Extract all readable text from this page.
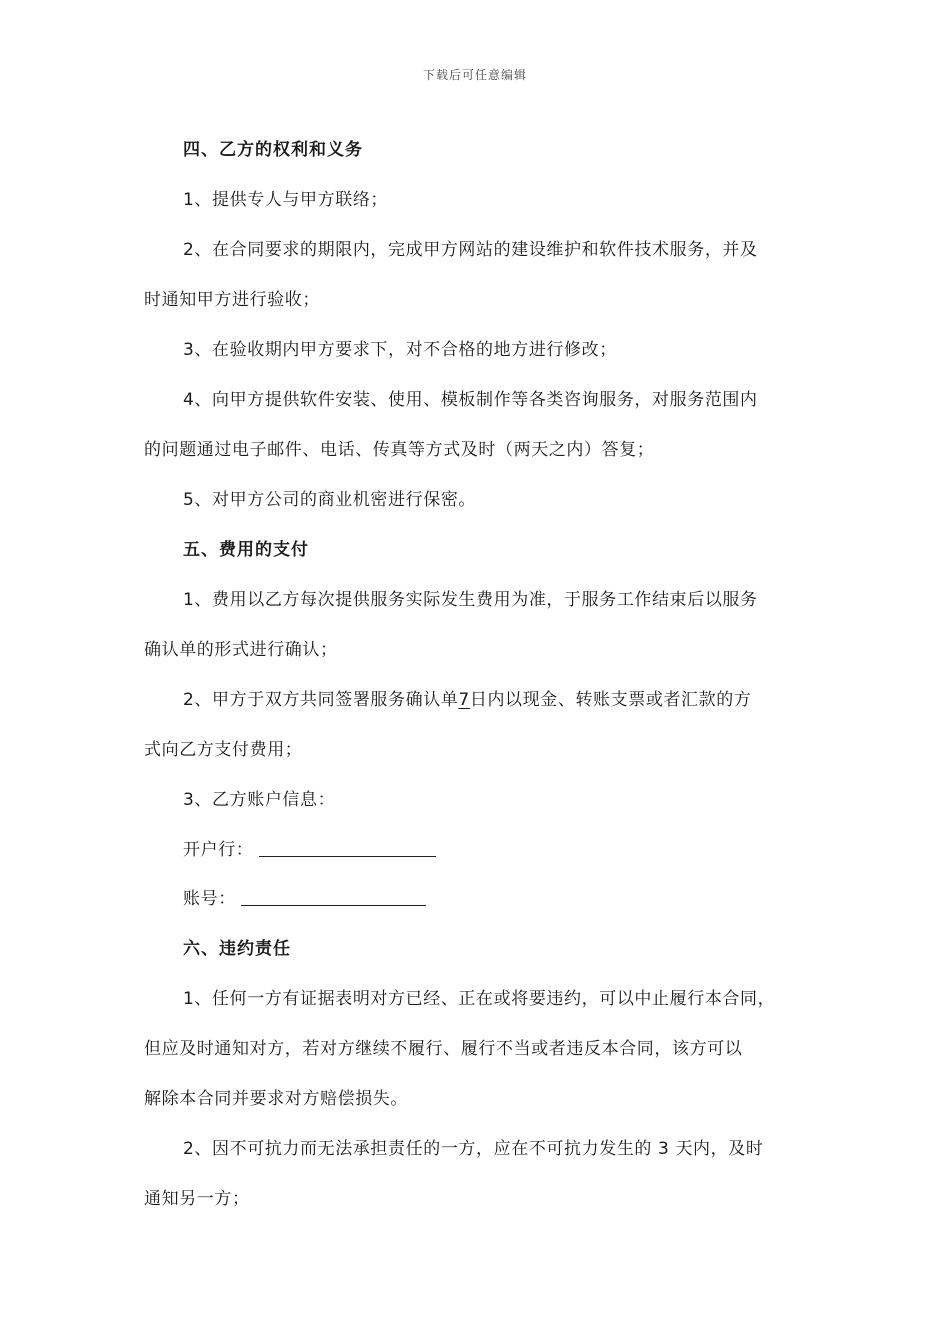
下载后可任意编辑
四、乙方的权利和义务
1、提供专人与甲方联络；
2、在合同要求的期限内，完成甲方网站的建设维护和软件技术服务，并及
时通知甲方进行验收；
3、在验收期内甲方要求下，对不合格的地方进行修改；
4、向甲方提供软件安装、使用、模板制作等各类咨询服务，对服务范围内
的问题通过电子邮件、电话、传真等方式及时（两天之内）答复；
5、对甲方公司的商业机密进行保密。
五、费用的支付
1、费用以乙方每次提供服务实际发生费用为准，于服务工作结束后以服务
确认单的形式进行确认；
2、甲方于双方共同签署服务确认单7日内以现金、转账支票或者汇款的方
式向乙方支付费用；
3、乙方账户信息：
开户行：
账号：
六、违约责任
1、任何一方有证据表明对方已经、正在或将要违约，可以中止履行本合同，
但应及时通知对方，若对方继续不履行、履行不当或者违反本合同，该方可以
解除本合同并要求对方赔偿损失。
2、因不可抗力而无法承担责任的一方，应在不可抗力发生的 3 天内，及时
通知另一方；
